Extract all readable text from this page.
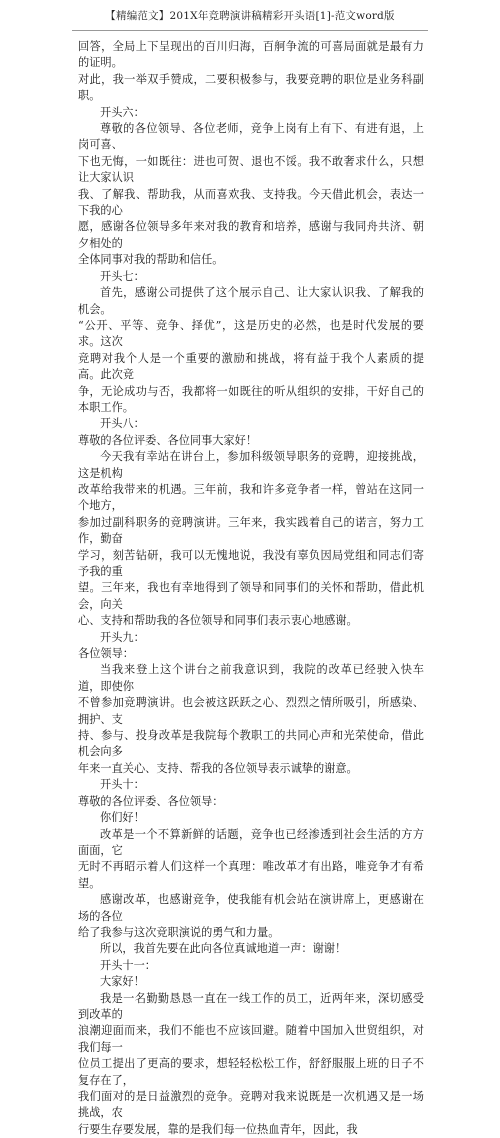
【精编范文】201X年竞聘演讲稿精彩开头语[1]-范文word版
回答，全局上下呈现出的百川归海，百舸争流的可喜局面就是最有力的证明。
对此，我一举双手赞成，二要积极参与，我要竞聘的职位是业务科副职。
开头六：
尊敬的各位领导、各位老师，竞争上岗有上有下、有进有退，上岗可喜、
下也无悔，一如既往：进也可贺、退也不馁。我不敢奢求什么，只想让大家认识
我、了解我、帮助我，从而喜欢我、支持我。今天借此机会，表达一下我的心
愿，感谢各位领导多年来对我的教育和培养，感谢与我同舟共济、朝夕相处的
全体同事对我的帮助和信任。
开头七：
首先，感谢公司提供了这个展示自己、让大家认识我、了解我的机会。
“公开、平等、竞争、择优”，这是历史的必然，也是时代发展的要求。这次
竞聘对我个人是一个重要的激励和挑战，将有益于我个人素质的提高。此次竞
争，无论成功与否，我都将一如既往的听从组织的安排，干好自己的本职工作。
开头八：
尊敬的各位评委、各位同事大家好！
今天我有幸站在讲台上，参加科级领导职务的竞聘，迎接挑战，这是机构
改革给我带来的机遇。三年前，我和许多竞争者一样，曾站在这同一个地方，
参加过副科职务的竞聘演讲。三年来，我实践着自己的诺言，努力工作，勤奋
学习，刻苦钻研，我可以无愧地说，我没有辜负因局党组和同志们寄予我的重
望。三年来，我也有幸地得到了领导和同事们的关怀和帮助，借此机会，向关
心、支持和帮助我的各位领导和同事们表示衷心地感谢。
开头九：
各位领导：
当我来登上这个讲台之前我意识到，我院的改革已经驶入快车道，即使你
不曾参加竞聘演讲。也会被这跃跃之心、烈烈之情所吸引，所感染、拥护、支
持、参与、投身改革是我院每个教职工的共同心声和光荣使命，借此机会向多
年来一直关心、支持、帮我的各位领导表示诚挚的谢意。
开头十：
尊敬的各位评委、各位领导：
你们好！
改革是一个不算新鲜的话题，竞争也已经渗透到社会生活的方方面面，它
无时不再昭示着人们这样一个真理：唯改革才有出路，唯竞争才有希望。
感谢改革，也感谢竞争，使我能有机会站在演讲席上，更感谢在场的各位
给了我参与这次竞职演说的勇气和力量。
所以，我首先要在此向各位真诚地道一声：谢谢！
开头十一：
大家好！
我是一名勤勤恳恳一直在一线工作的员工，近两年来，深切感受到改革的
浪潮迎面而来，我们不能也不应该回避。随着中国加入世贸组织，对我们每一
位员工提出了更高的要求，想轻轻松松工作，舒舒服服上班的日子不复存在了，
我们面对的是日益激烈的竞争。竞聘对我来说既是一次机遇又是一场挑战，农
行要生存要发展，靠的是我们每一位热血青年，因此，我
